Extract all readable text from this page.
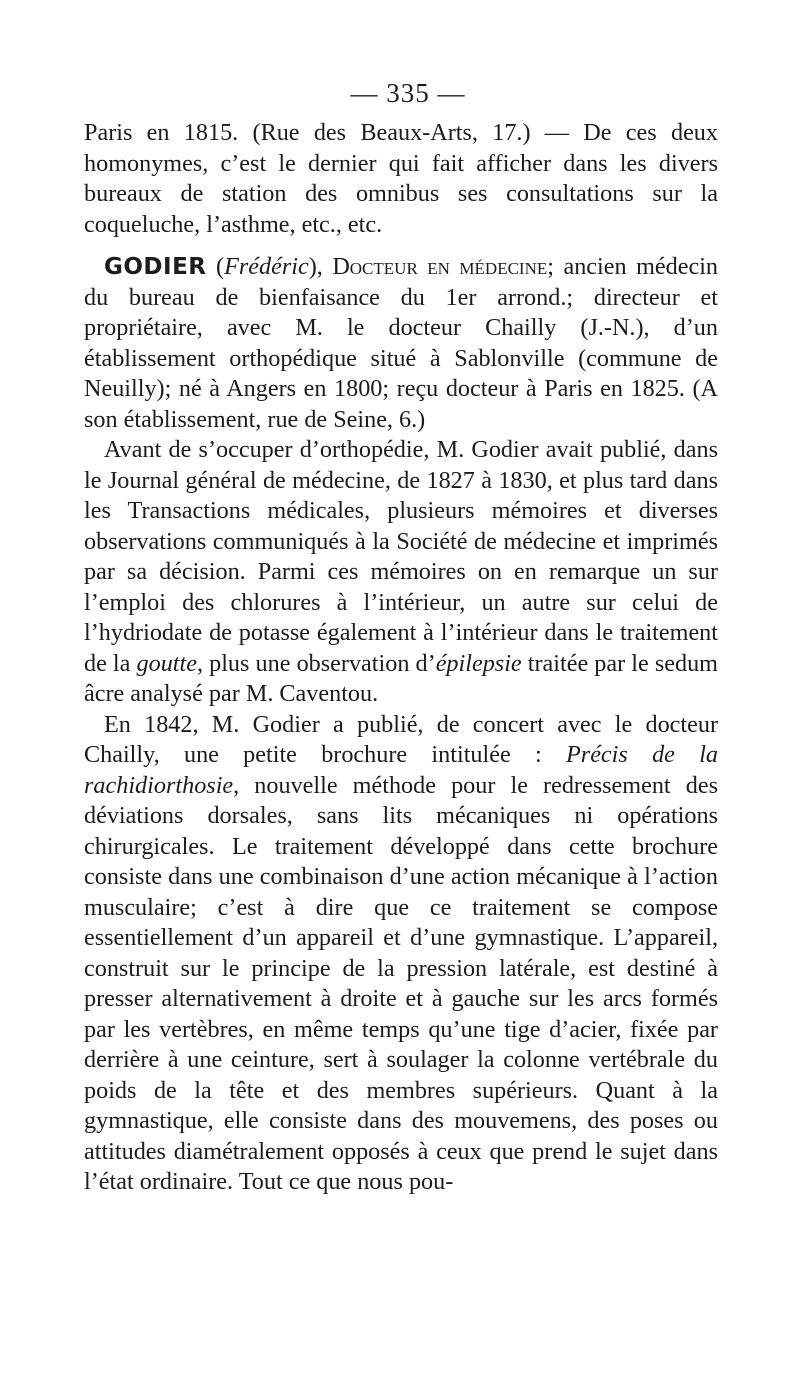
— 335 —

Paris en 1815. (Rue des Beaux-Arts, 17.) — De ces deux homonymes, c’est le dernier qui fait afficher dans les divers bureaux de station des omnibus ses consultations sur la coqueluche, l’asthme, etc., etc.

GODIER (Frédéric), Docteur en médecine; ancien médecin du bureau de bienfaisance du 1er arrond.; directeur et propriétaire, avec M. le docteur Chailly (J.-N.), d’un établissement orthopédique situé à Sablonville (commune de Neuilly); né à Angers en 1800; reçu docteur à Paris en 1825. (A son établissement, rue de Seine, 6.)

Avant de s’occuper d’orthopédie, M. Godier avait publié, dans le Journal général de médecine, de 1827 à 1830, et plus tard dans les Transactions médicales, plusieurs mémoires et diverses observations communiqués à la Société de médecine et imprimés par sa décision. Parmi ces mémoires on en remarque un sur l’emploi des chlorures à l’intérieur, un autre sur celui de l’hydriodate de potasse également à l’intérieur dans le traitement de la goutte, plus une observation d’épilepsie traitée par le sedum âcre analysé par M. Caventou.

En 1842, M. Godier a publié, de concert avec le docteur Chailly, une petite brochure intitulée : Précis de la rachidiorthosie, nouvelle méthode pour le redressement des déviations dorsales, sans lits mécaniques ni opérations chirurgicales. Le traitement développé dans cette brochure consiste dans une combinaison d’une action mécanique à l’action musculaire; c’est à dire que ce traitement se compose essentiellement d’un appareil et d’une gymnastique. L’appareil, construit sur le principe de la pression latérale, est destiné à presser alternativement à droite et à gauche sur les arcs formés par les vertèbres, en même temps qu’une tige d’acier, fixée par derrière à une ceinture, sert à soulager la colonne vertébrale du poids de la tête et des membres supérieurs. Quant à la gymnastique, elle consiste dans des mouvemens, des poses ou attitudes diamétralement opposés à ceux que prend le sujet dans l’état ordinaire. Tout ce que nous pou-
